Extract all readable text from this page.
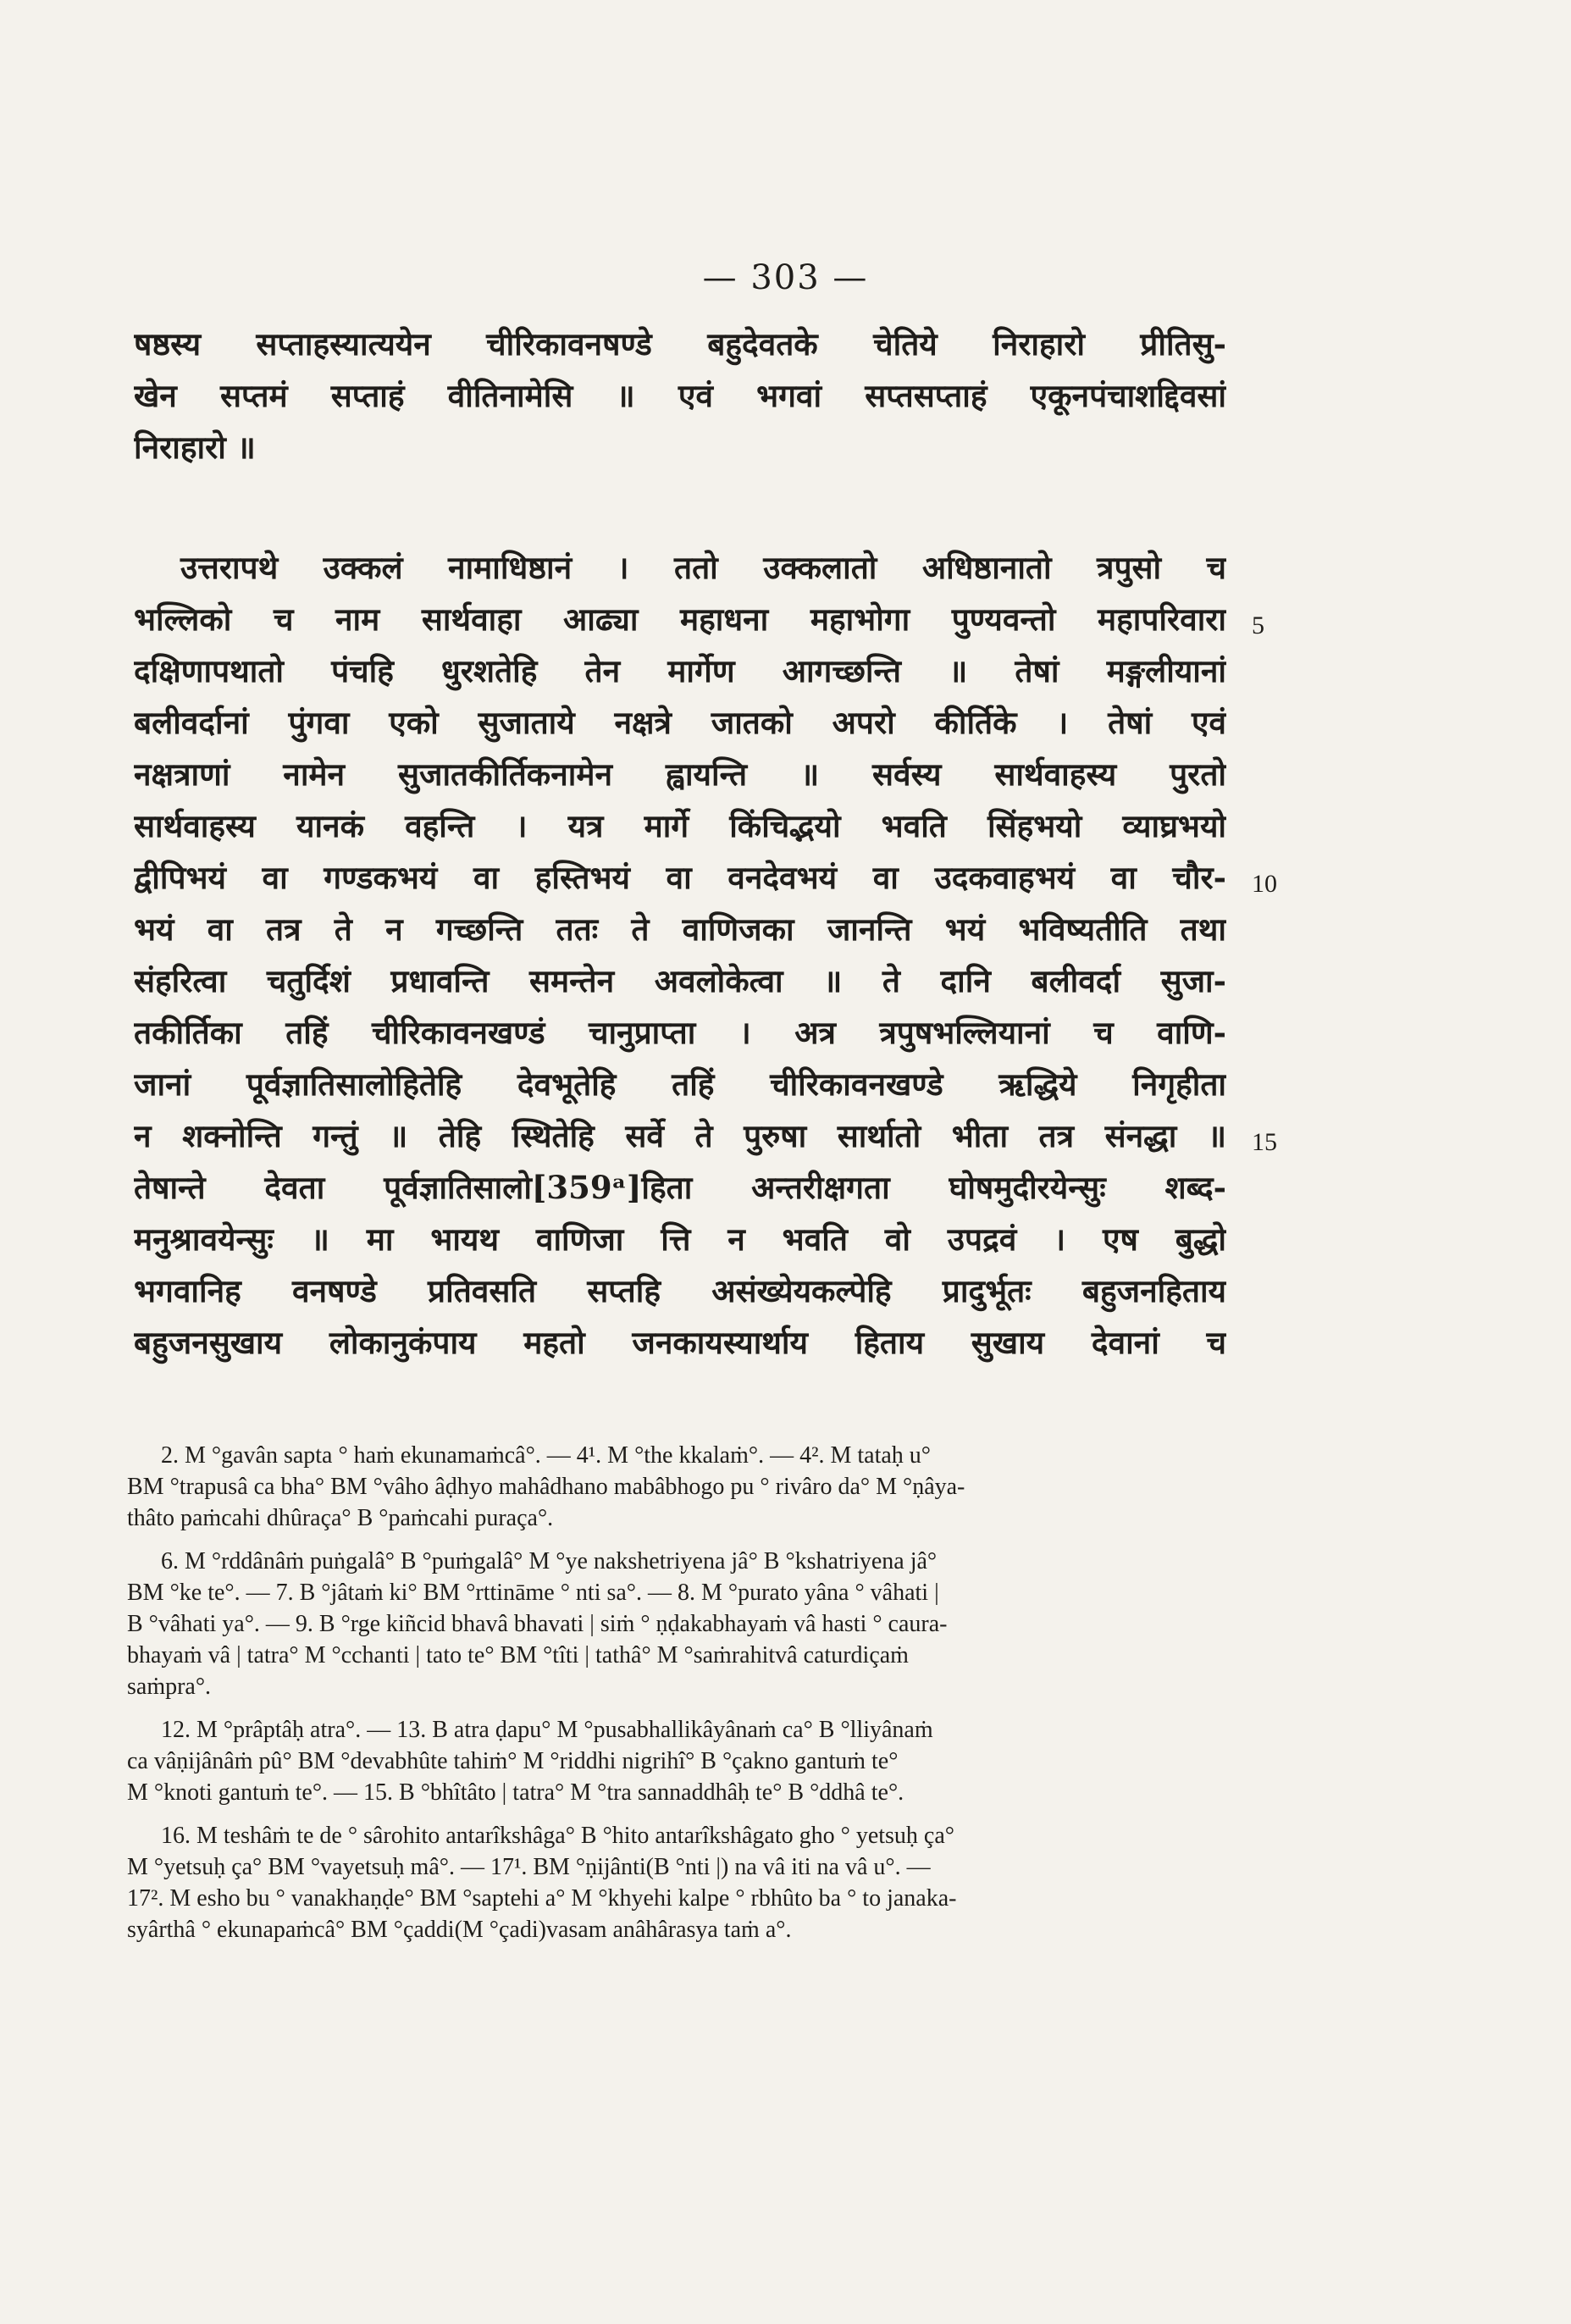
— 303 —
षष्ठस्य सप्ताहस्यात्ययेन चीरिकावनषण्डे बहुदेवतके चेतिये निराहारो प्रीतिसु-
खेन सप्तमं सप्ताहं वीतिनामेसि ॥ एवं भगवां सप्तसप्ताहं एकूनपंचाशद्दिवसां
निराहारो ॥
उत्तरापथे उक्कलं नामाधिष्ठानं । ततो उक्कलातो अधिष्ठानातो त्रपुसो च
भल्लिको च नाम सार्थवाहा आढ्या महाधना महाभोगा पुण्यवन्तो महापरिवारा
दक्षिणापथातो पंचहि धुरशतेहि तेन मार्गेण आगच्छन्ति ॥ तेषां मङ्गलीयानां
बलीवर्दानां पुंगवा एको सुजाताये नक्षत्रे जातको अपरो कीर्तिके । तेषां एवं
नक्षत्राणां नामेन सुजातकीर्तिकनामेन ह्वायन्ति ॥ सर्वस्य सार्थवाहस्य पुरतो
सार्थवाहस्य यानकं वहन्ति । यत्र मार्गे किंचिद्भयो भवति सिंहभयो व्याघ्रभयो
द्वीपिभयं वा गण्डकभयं वा हस्तिभयं वा वनदेवभयं वा उदकवाहभयं वा चौर-
भयं वा तत्र ते न गच्छन्ति ततः ते वाणिजका जानन्ति भयं भविष्यतीति तथा
संहरित्वा चतुर्दिशं प्रधावन्ति समन्तेन अवलोकेत्वा ॥ ते दानि बलीवर्दा सुजा-
तकीर्तिका तहिं चीरिकावनखण्डं चानुप्राप्ता । अत्र त्रपुषभल्लियानां च वाणि-
जानां पूर्वज्ञातिसालोहितेहि देवभूतेहि तहिं चीरिकावनखण्डे ऋद्धिये निगृहीता
न शक्नोन्ति गन्तुं ॥ तेहि स्थितेहि सर्वे ते पुरुषा सार्थातो भीता तत्र संनद्धा ॥
तेषान्ते देवता पूर्वज्ञातिसालो[359ᵃ]हिता अन्तरीक्षगता घोषमुदीरयेन्सुः शब्द-
मनुश्रावयेन्सुः ॥ मा भायथ वाणिजा त्ति न भवति वो उपद्रवं । एष बुद्धो
भगवानिह वनषण्डे प्रतिवसति सप्तहि असंख्येयकल्पेहि प्रादुर्भूतः बहुजनहिताय
बहुजनसुखाय लोकानुकंपाय महतो जनकायस्यार्थाय हिताय सुखाय देवानां च
5
10
15
2. M °gavân sapta ° haṁ ekunamaṁcâ°. — 4¹. M °the kkalaṁ°. — 4². M tataḥ u°
BM °trapusâ ca bha° BM °vâho âḍhyo mahâdhano mabâbhogo pu ° rivâro da° M °ṇâya-
thâto paṁcahi dhûraça° B °paṁcahi puraça°.
6. M °rddânâṁ puṅgalâ° B °puṁgalâ° M °ye nakshetriyena jâ° B °kshatriyena jâ°
BM °ke te°. — 7. B °jâtaṁ ki° BM °rttināme ° nti sa°. — 8. M °purato yâna ° vâhati |
B °vâhati ya°. — 9. B °rge kiñcid bhavâ bhavati | siṁ ° ṇḍakabhayaṁ vâ hasti ° caura-
bhayaṁ vâ | tatra° M °cchanti | tato te° BM °tîti | tathâ° M °saṁrahitvâ caturdiçaṁ
saṁpra°.
12. M °prâptâḥ atra°. — 13. B atra ḍapu° M °pusabhallikâyânaṁ ca° B °lliyânaṁ
ca vâṇijânâṁ pû° BM °devabhûte tahiṁ° M °riddhi nigrihî° B °çakno gantuṁ te°
M °knoti gantuṁ te°. — 15. B °bhîtâto | tatra° M °tra sannaddhâḥ te° B °ddhâ te°.
16. M teshâṁ te de ° sârohito antarîkshâga° B °hito antarîkshâgato gho ° yetsuḥ ça°
M °yetsuḥ ça° BM °vayetsuḥ mâ°. — 17¹. BM °ṇijânti(B °nti |) na vâ iti na vâ u°. —
17². M esho bu ° vanakhaṇḍe° BM °saptehi a° M °khyehi kalpe ° rbhûto ba ° to janaka-
syârthâ ° ekunapaṁcâ° BM °çaddi(M °çadi)vasam anâhârasya taṁ a°.
